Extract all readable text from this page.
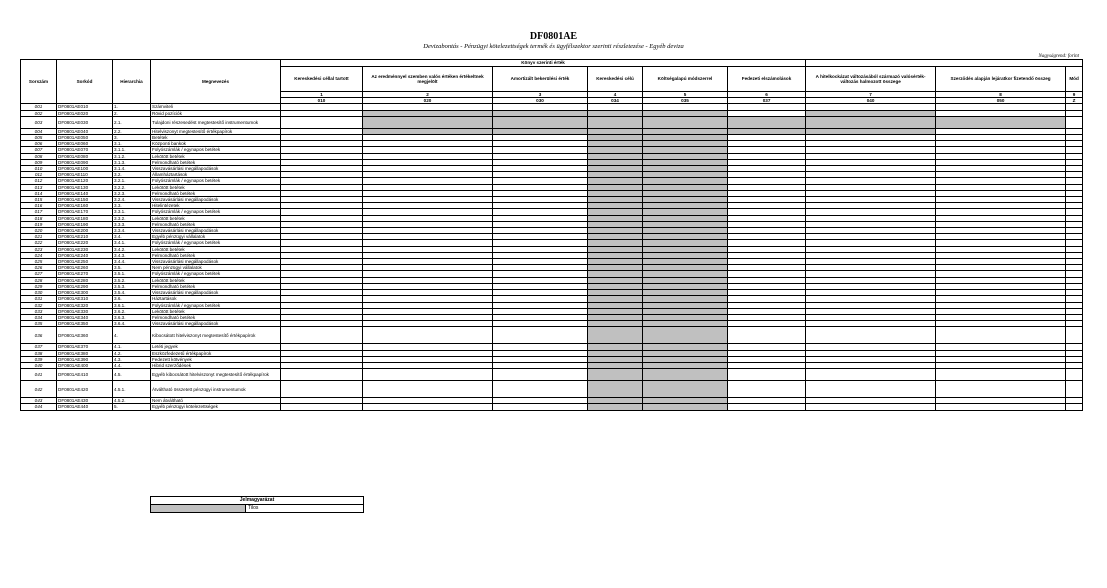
DF0801AE
Devizabontás - Pénzügyi kötelezettségek termék és ügyfélszektor szerinti részletezése - Egyéb deviza
Nagyságrend: forint
Sorszám	Sorkód	Hierarchia	Megnevezés	Könyv szerinti érték								
				Kereskedési céllal tartott	Az eredménnyel szemben valós értéken értékeltnek megjelölt	Amortizált bekerülési érték	Kereskedési célú	Költségalapú módszerrel	Fedezeti elszámolások	A hitelkockázat változásából származó valósérték-változás halmozott összege	Szerződés alapján lejáratkor fizetendő összeg	Mód
				1	2	3	4	5	6	7	8	9
				010	020	030	034	035	037	040	050	Z
001	DF0801AE010	1.	Számviteli									
002	DF0801AE020	2.	Rövid pozíciók									
003	DF0801AE030	2.1.	Tulajdoni részesedést megtestesítő instrumentumok									
004	DF0801AE040	2.2.	Hitelviszonyt megtestesítő értékpapírok									
005	DF0801AE050	3.	Betétek									
006	DF0801AE060	3.1.	Központi bankok									
007	DF0801AE070	3.1.1.	Folyószámlák / egynapos betétek									
008	DF0801AE080	3.1.2.	Lekötött betétek									
009	DF0801AE090	3.1.3.	Felmondható betétek									
010	DF0801AE100	3.1.4.	Visszavásárlási megállapodások									
011	DF0801AE110	3.2.	Államháztartások									
012	DF0801AE120	3.2.1.	Folyószámlák / egynapos betétek									
013	DF0801AE130	3.2.2.	Lekötött betétek									
014	DF0801AE140	3.2.3.	Felmondható betétek									
015	DF0801AE150	3.2.4.	Visszavásárlási megállapodások									
016	DF0801AE160	3.3.	Hitelintézetek									
017	DF0801AE170	3.3.1.	Folyószámlák / egynapos betétek									
018	DF0801AE180	3.3.2.	Lekötött betétek									
019	DF0801AE190	3.3.3.	Felmondható betétek									
020	DF0801AE200	3.3.4.	Visszavásárlási megállapodások									
021	DF0801AE210	3.4.	Egyéb pénzügyi vállalatok									
022	DF0801AE220	3.4.1.	Folyószámlák / egynapos betétek									
023	DF0801AE230	3.4.2.	Lekötött betétek									
024	DF0801AE240	3.4.3.	Felmondható betétek									
025	DF0801AE250	3.4.4.	Visszavásárlási megállapodások									
026	DF0801AE260	3.5.	Nem pénzügyi vállalatok									
027	DF0801AE270	3.5.1.	Folyószámlák / egynapos betétek									
028	DF0801AE280	3.5.2.	Lekötött betétek									
029	DF0801AE290	3.5.3.	Felmondható betétek									
030	DF0801AE300	3.5.4.	Visszavásárlási megállapodások									
031	DF0801AE310	3.6.	Háztartások									
032	DF0801AE320	3.6.1.	Folyószámlák / egynapos betétek									
033	DF0801AE330	3.6.2.	Lekötött betétek									
034	DF0801AE340	3.6.3.	Felmondható betétek									
035	DF0801AE350	3.6.4.	Visszavásárlási megállapodások									
036	DF0801AE360	4.	Kibocsátott hitelviszonyt megtestesítő értékpapírok									
037	DF0801AE370	4.1.	Letéti jegyek									
038	DF0801AE380	4.2.	Eszközfedezetű értékpapírok									
039	DF0801AE390	4.3.	Fedezett kötvények									
040	DF0801AE400	4.4.	Hibrid szerződések									
041	DF0801AE410	4.5.	Egyéb kibocsátott hitelviszonyt megtestesítő értékpapírok									
042	DF0801AE420	4.5.1.	Átváltható összetett pénzügyi instrumentumok									
043	DF0801AE430	4.5.2.	Nem átváltható									
044	DF0801AE440	5.	Egyéb pénzügyi kötelezettségek									
Jelmagyarázat
	Tilos
